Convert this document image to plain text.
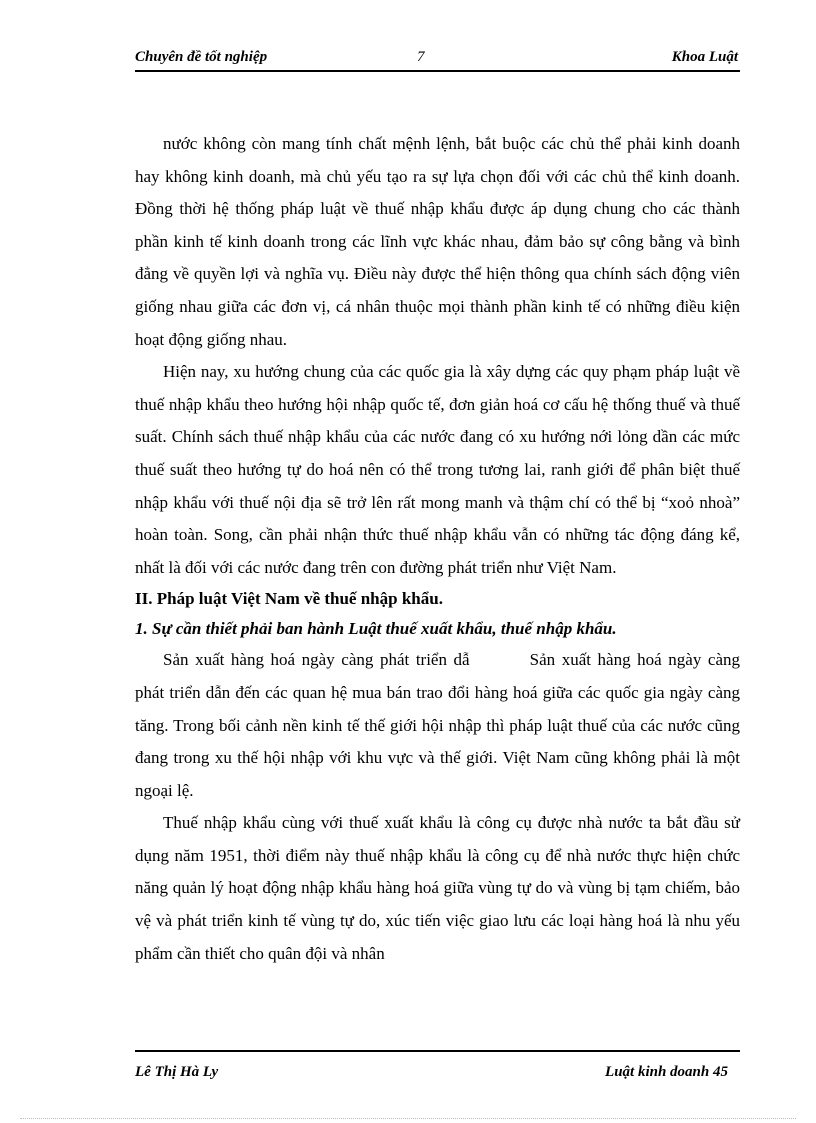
Chuyên đề tốt nghiệp	7	Khoa Luật

nước không còn mang tính chất mệnh lệnh, bắt buộc các chủ thể phải kinh doanh hay không kinh doanh, mà chủ yếu tạo ra sự lựa chọn đối với các chủ thể kinh doanh. Đồng thời hệ thống pháp luật về thuế nhập khẩu được áp dụng chung cho các thành phần kinh tế kinh doanh trong các lĩnh vực khác nhau, đảm bảo sự công bằng và bình đẳng về quyền lợi và nghĩa vụ. Điều này được thể hiện thông qua chính sách động viên giống nhau giữa các đơn vị, cá nhân thuộc mọi thành phần kinh tế có những điều kiện hoạt động giống nhau.

Hiện nay, xu hướng chung của các quốc gia là xây dựng các quy phạm pháp luật về thuế nhập khẩu theo hướng hội nhập quốc tế, đơn giản hoá cơ cấu hệ thống thuế và thuế suất. Chính sách thuế nhập khẩu của các nước đang có xu hướng nới lỏng dần các mức thuế suất theo hướng tự do hoá nên có thể trong tương lai, ranh giới để phân biệt thuế nhập khẩu với thuế nội địa sẽ trở lên rất mong manh và thậm chí có thể bị “xoỏ nhoà” hoàn toàn. Song, cần phải nhận thức thuế nhập khẩu vẫn có những tác động đáng kể, nhất là đối với các nước đang trên con đường phát triển như Việt Nam.

II. Pháp luật Việt Nam về thuế nhập khẩu.
1. Sự cần thiết phải ban hành Luật thuế xuất khẩu, thuế nhập khẩu.

Sản xuất hàng hoá ngày càng phát triển dẫ	Sản xuất hàng hoá ngày càng phát triển dẫn đến các quan hệ mua bán trao đổi hàng hoá giữa các quốc gia ngày càng tăng. Trong bối cảnh nền kinh tế thế giới hội nhập thì pháp luật thuế của các nước cũng đang trong xu thế hội nhập với khu vực và thế giới. Việt Nam cũng không phải là một ngoại lệ.

Thuế nhập khẩu cùng với thuế xuất khẩu là công cụ được nhà nước ta bắt đầu sử dụng năm 1951, thời điểm này thuế nhập khẩu là công cụ để nhà nước thực hiện chức năng quản lý hoạt động nhập khẩu hàng hoá giữa vùng tự do và vùng bị tạm chiếm, bảo vệ và phát triển kinh tế vùng tự do, xúc tiến việc giao lưu các loại hàng hoá là nhu yếu phẩm cần thiết cho quân đội và nhân

Lê Thị Hà Ly	Luật kinh doanh 45
